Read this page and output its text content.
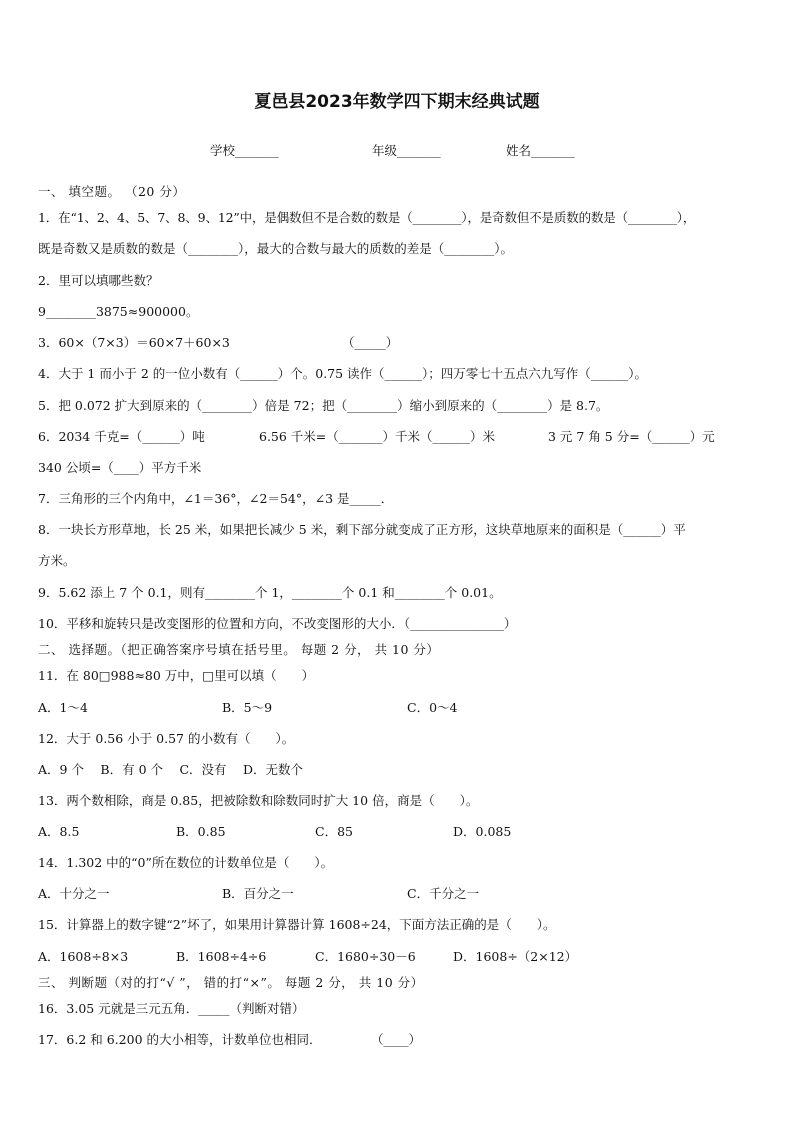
夏邑县2023年数学四下期末经典试题
学校_______	年级_______	姓名_______
一、 填空题。 （20 分）
1．在“1、2、4、5、7、8、9、12”中，是偶数但不是合数的数是（________），是奇数但不是质数的数是（________），
既是奇数又是质数的数是（________），最大的合数与最大的质数的差是（________）。
2．里可以填哪些数？
9________3875≈900000。
3．60×（7×3）＝60×7＋60×3	（_____）
4．大于 1 而小于 2 的一位小数有（______）个。0.75 读作（______）；四万零七十五点六九写作（______）。
5．把 0.072 扩大到原来的（________）倍是 72；把（________）缩小到原来的（________）是 8.7。
6．2034 千克=（______）吨	6.56 千米=（_______）千米（______）米	3 元 7 角 5 分=（______）元
340 公顷=（____）平方千米
7．三角形的三个内角中，∠1＝36°，∠2＝54°，∠3 是_____．
8．一块长方形草地，长 25 米，如果把长减少 5 米，剩下部分就变成了正方形，这块草地原来的面积是（______）平
方米。
9．5.62 添上 7 个 0.1，则有________个 1，________个 0.1 和________个 0.01。
10．平移和旋转只是改变图形的位置和方向，不改变图形的大小．（_______________）
二、 选择题。（把正确答案序号填在括号里。 每题 2 分， 共 10 分）
11．在 80□988≈80 万中，□里可以填（　　）
A．1～4	B．5～9	C．0～4
12．大于 0.56 小于 0.57 的小数有（　　）。
A．9 个　 B．有 0 个　 C．没有　 D．无数个
13．两个数相除，商是 0.85，把被除数和除数同时扩大 10 倍，商是（　　）。
A．8.5	B．0.85	C．85	D．0.085
14．1.302 中的“0”所在数位的计数单位是（　　）。
A．十分之一	B．百分之一	C．千分之一
15．计算器上的数字键“2”坏了，如果用计算器计算 1608÷24，下面方法正确的是（　　）。
A．1608÷8×3	B．1608÷4÷6	C．1680÷30－6	D．1608÷（2×12）
三、 判断题（对的打“√ ”， 错的打“×”。 每题 2 分， 共 10 分）
16．3.05 元就是三元五角．_____（判断对错）
17．6.2 和 6.200 的大小相等，计数单位也相同．	（____）
